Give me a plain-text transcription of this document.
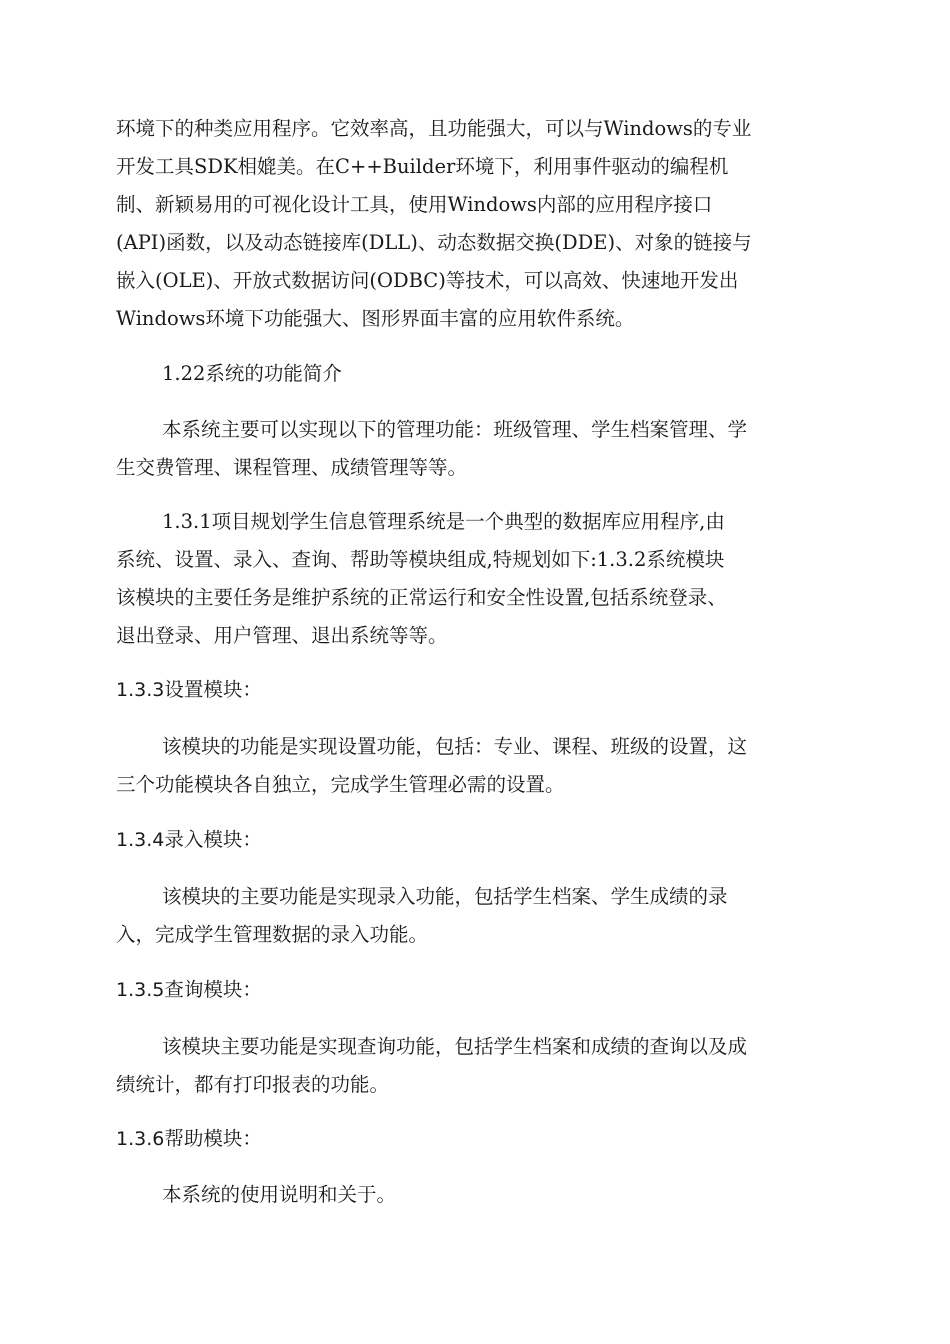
环境下的种类应用程序。它效率高，且功能强大，可以与Windows的专业
开发工具SDK相媲美。在C++Builder环境下，利用事件驱动的编程机
制、新颖易用的可视化设计工具，使用Windows内部的应用程序接口
(API)函数，以及动态链接库(DLL)、动态数据交换(DDE)、对象的链接与
嵌入(OLE)、开放式数据访问(ODBC)等技术，可以高效、快速地开发出
Windows环境下功能强大、图形界面丰富的应用软件系统。
1.22系统的功能简介
本系统主要可以实现以下的管理功能：班级管理、学生档案管理、学
生交费管理、课程管理、成绩管理等等。
1.3.1项目规划学生信息管理系统是一个典型的数据库应用程序,由
系统、设置、录入、查询、帮助等模块组成,特规划如下:1.3.2系统模块
该模块的主要任务是维护系统的正常运行和安全性设置,包括系统登录、
退出登录、用户管理、退出系统等等。
1.3.3设置模块：
该模块的功能是实现设置功能，包括：专业、课程、班级的设置，这
三个功能模块各自独立，完成学生管理必需的设置。
1.3.4录入模块：
该模块的主要功能是实现录入功能，包括学生档案、学生成绩的录
入，完成学生管理数据的录入功能。
1.3.5查询模块：
该模块主要功能是实现查询功能，包括学生档案和成绩的查询以及成
绩统计，都有打印报表的功能。
1.3.6帮助模块：
本系统的使用说明和关于。
